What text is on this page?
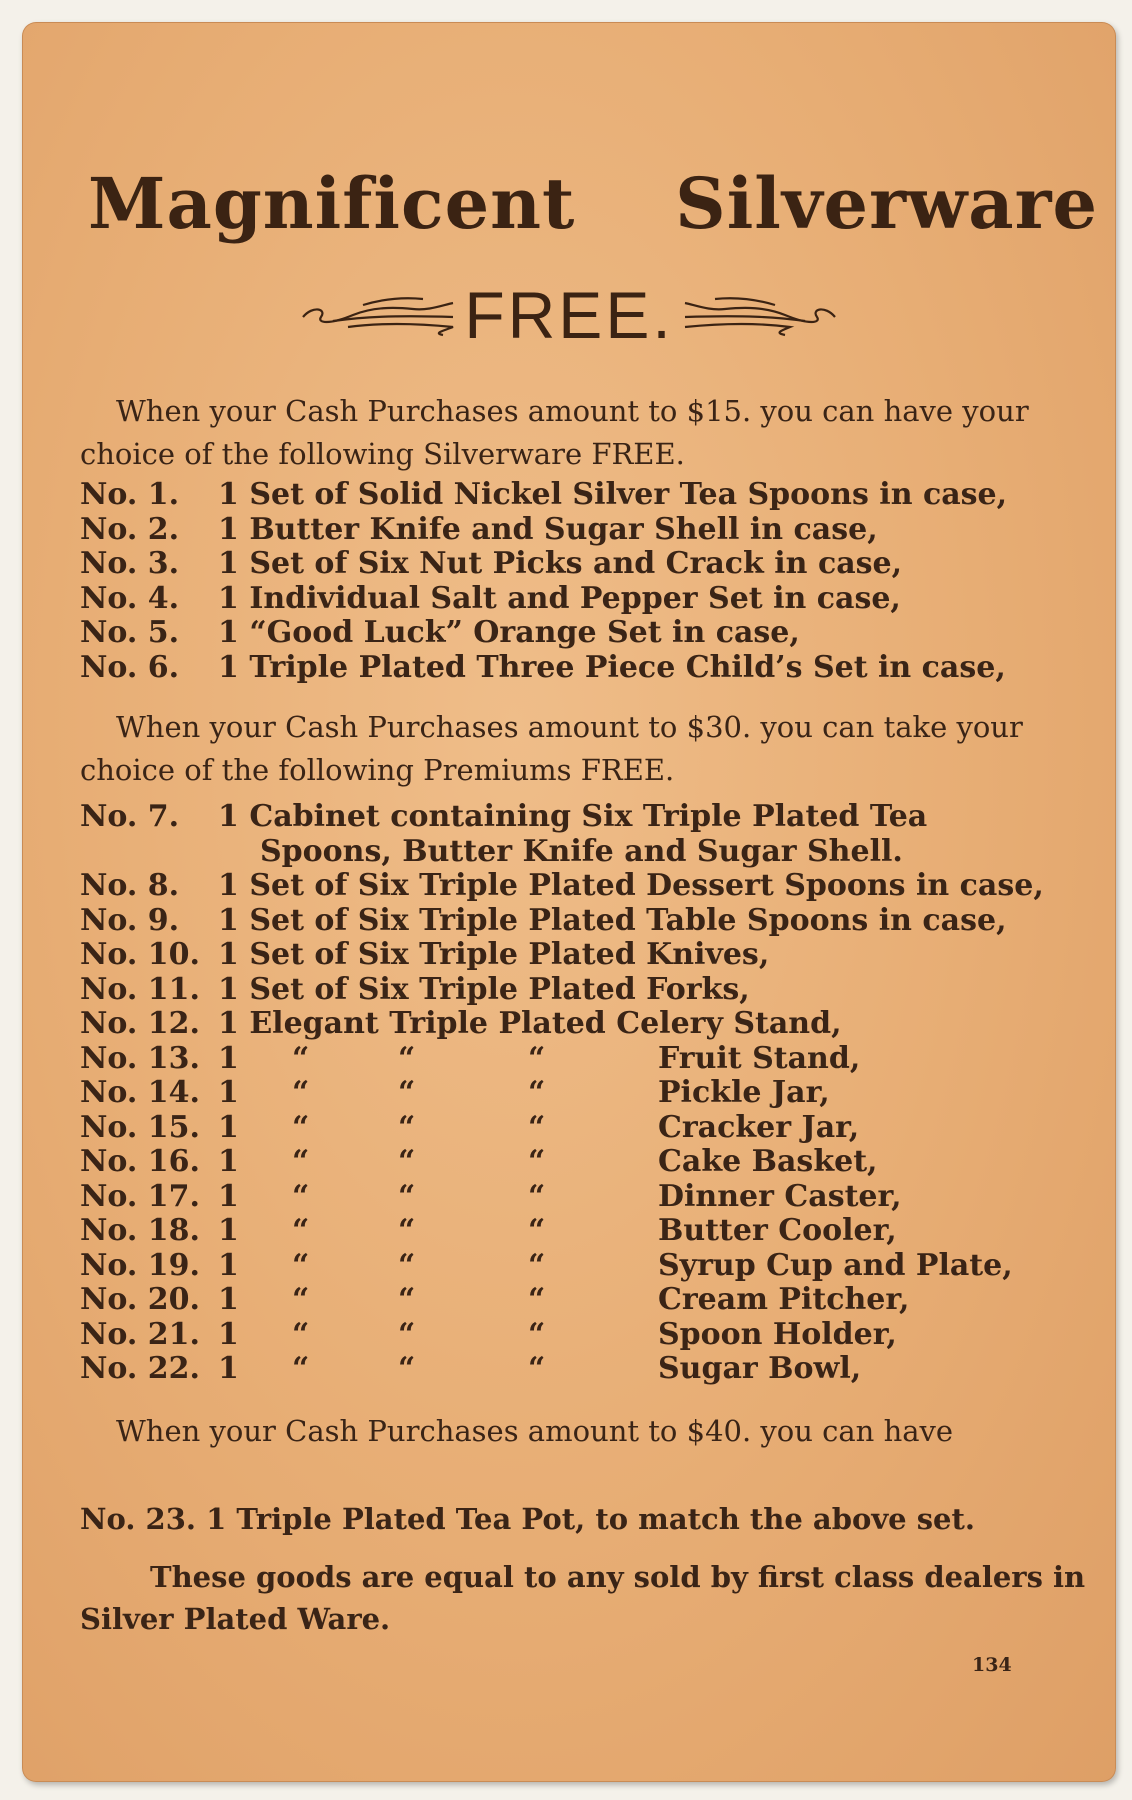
Magnificent Silverware
FREE.
When your Cash Purchases amount to $15. you can have your choice of the following Silverware FREE.
No. 1.	1 Set of Solid Nickel Silver Tea Spoons in case,
No. 2.	1 Butter Knife and Sugar Shell in case,
No. 3.	1 Set of Six Nut Picks and Crack in case,
No. 4.	1 Individual Salt and Pepper Set in case,
No. 5.	1 “Good Luck” Orange Set in case,
No. 6.	1 Triple Plated Three Piece Child’s Set in case,
When your Cash Purchases amount to $30. you can take your choice of the following Premiums FREE.
No. 7.	1 Cabinet containing Six Triple Plated Tea
Spoons, Butter Knife and Sugar Shell.
No. 8.	1 Set of Six Triple Plated Dessert Spoons in case,
No. 9.	1 Set of Six Triple Plated Table Spoons in case,
No. 10. 1 Set of Six Triple Plated Knives,
No. 11. 1 Set of Six Triple Plated Forks,
No. 12. 1 Elegant Triple Plated Celery Stand,
No. 13. 1	“	“	“	Fruit Stand,
No. 14. 1	“	“	“	Pickle Jar,
No. 15. 1	“	“	“	Cracker Jar,
No. 16. 1	“	“	“	Cake Basket,
No. 17. 1	“	“	“	Dinner Caster,
No. 18. 1	“	“	“	Butter Cooler,
No. 19. 1	“	“	“	Syrup Cup and Plate,
No. 20. 1	“	“	“	Cream Pitcher,
No. 21. 1	“	“	“	Spoon Holder,
No. 22. 1	“	“	“	Sugar Bowl,
When your Cash Purchases amount to $40. you can have
No. 23. 1 Triple Plated Tea Pot, to match the above set.
These goods are equal to any sold by first class dealers in Silver Plated Ware.
134
